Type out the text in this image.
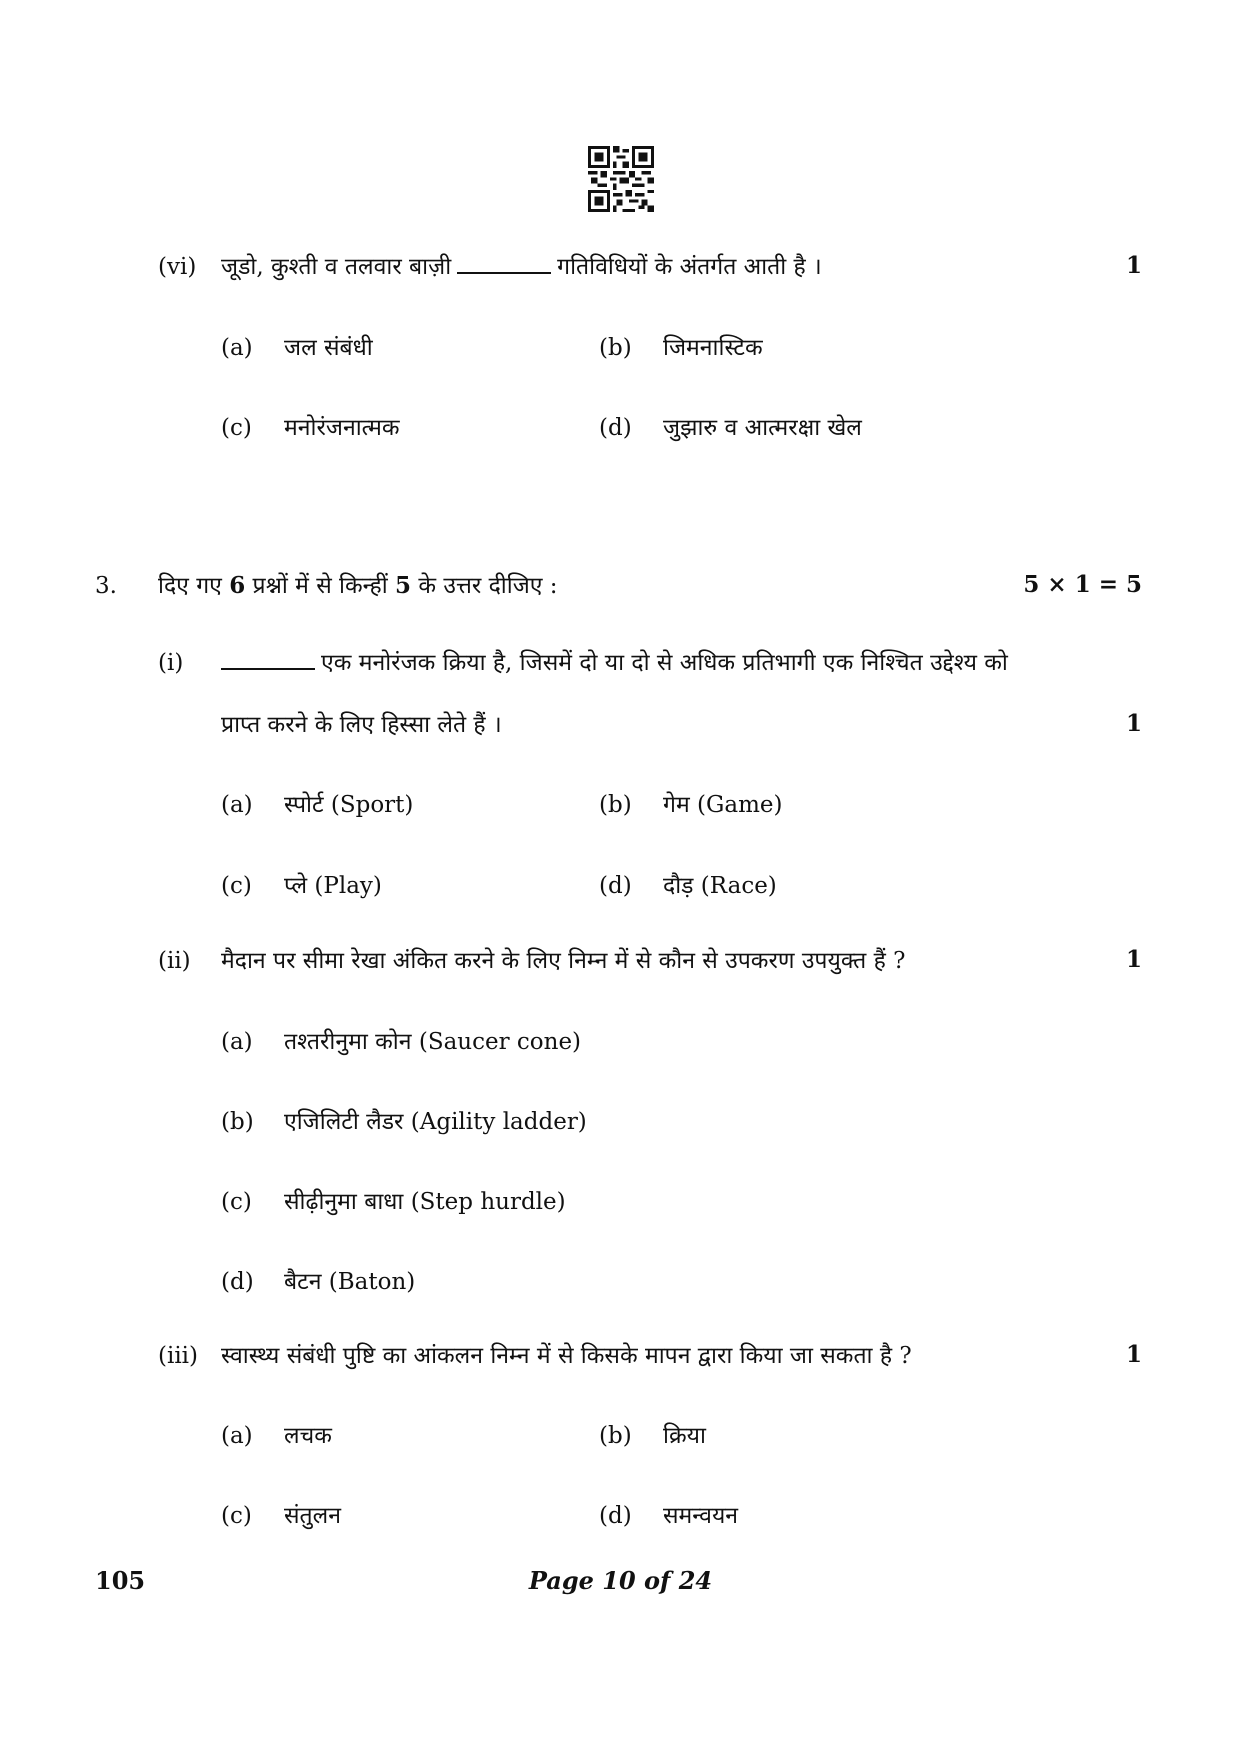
(vi) जूडो, कुश्ती व तलवार बाज़ी	गतिविधियों के अंतर्गत आती है ।	1
(a) जल संबंधी	(b) जिमनास्टिक
(c) मनोरंजनात्मक	(d) जुझारु व आत्मरक्षा खेल
3. दिए गए 6 प्रश्नों में से किन्हीं 5 के उत्तर दीजिए :	5 × 1 = 5
(i)	एक मनोरंजक क्रिया है, जिसमें दो या दो से अधिक प्रतिभागी एक निश्चित उद्देश्य को
प्राप्त करने के लिए हिस्सा लेते हैं ।	1
(a) स्पोर्ट (Sport)	(b) गेम (Game)
(c) प्ले (Play)	(d) दौड़ (Race)
(ii) मैदान पर सीमा रेखा अंकित करने के लिए निम्न में से कौन से उपकरण उपयुक्त हैं ?	1
(a) तश्तरीनुमा कोन (Saucer cone)
(b) एजिलिटी लैडर (Agility ladder)
(c) सीढ़ीनुमा बाधा (Step hurdle)
(d) बैटन (Baton)
(iii) स्वास्थ्य संबंधी पुष्टि का आंकलन निम्न में से किसके मापन द्वारा किया जा सकता है ?	1
(a) लचक	(b) क्रिया
(c) संतुलन	(d) समन्वयन
105	Page 10 of 24
